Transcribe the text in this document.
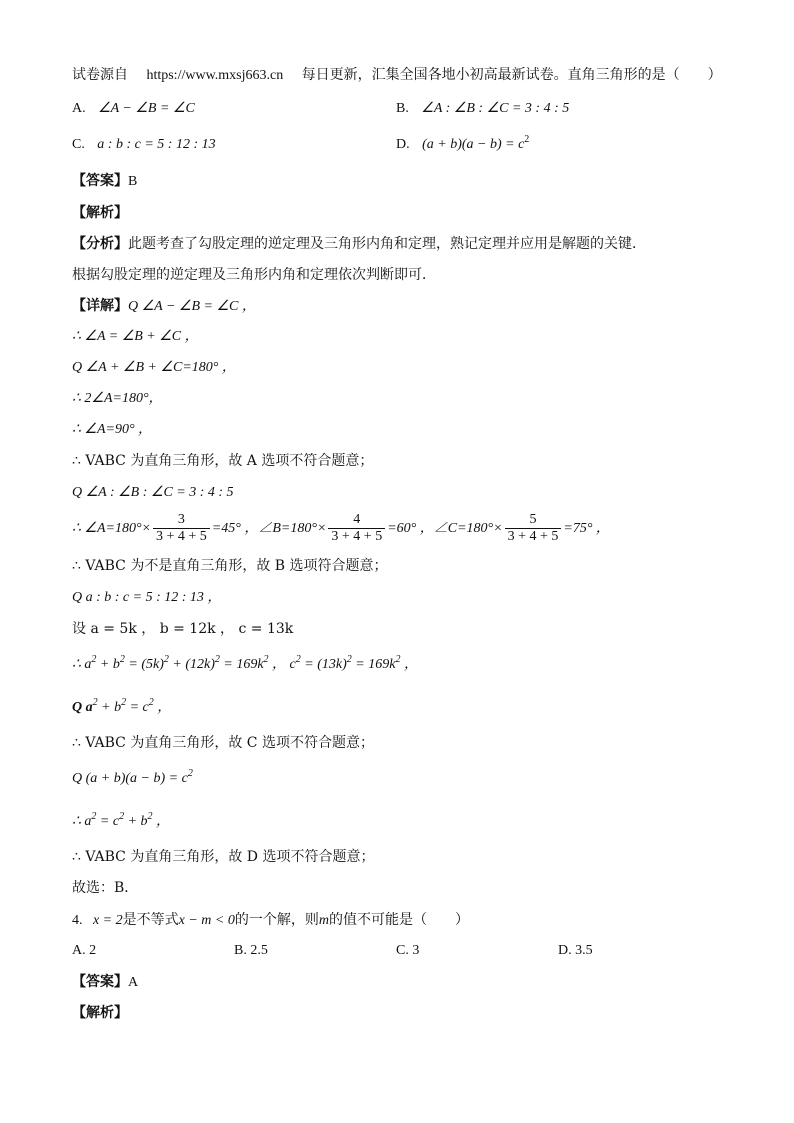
试卷源自 https://www.mxsj663.cn 每日更新，汇集全国各地小初高最新试卷。直角三角形的是（　　）
A. ∠A − ∠B = ∠C	B. ∠A : ∠B : ∠C = 3 : 4 : 5
C. a : b : c = 5 : 12 : 13	D. $(a + b)(a - b) = c^2$
【答案】B
【解析】
【分析】此题考查了勾股定理的逆定理及三角形内角和定理，熟记定理并应用是解题的关键．
根据勾股定理的逆定理及三角形内角和定理依次判断即可．
【详解】Q ∠A − ∠B = ∠C ，
∴ ∠A = ∠B + ∠C ，
Q ∠A + ∠B + ∠C=180° ，
∴ 2∠A=180°，
∴ ∠A=90° ，
∴ VABC 为直角三角形，故 A 选项不符合题意；
Q ∠A : ∠B : ∠C = 3 : 4 : 5
∴ ∠A=180°× $\frac{3}{3 + 4 + 5} =45^\circ$ ，∠B=180°× $\frac{4}{3 + 4 + 5} =60^\circ$ ，∠C=180°× $\frac{5}{3 + 4 + 5} =75^\circ$ ，
∴ VABC 为不是直角三角形，故 B 选项符合题意；
Q a : b : c = 5 : 12 : 13 ，
设 a = 5k ， b = 12k ， c = 13k
∴ $a^2 + b^2 = (5k)^2 + (12k)^2 = 169k^2$ ， $c^2 = (13k)^2 = 169k^2$ ，
Q $a^2 + b^2 = c^2$ ，
∴ VABC 为直角三角形，故 C 选项不符合题意；
Q $(a + b)(a - b) = c^2$
∴ $a^2 = c^2 + b^2$ ，
∴ VABC 为直角三角形，故 D 选项不符合题意；
故选：B．
4. x = 2是不等式x − m < 0的一个解，则m的值不可能是（　　）
A. 2	B. 2.5	C. 3	D. 3.5
【答案】A
【解析】
